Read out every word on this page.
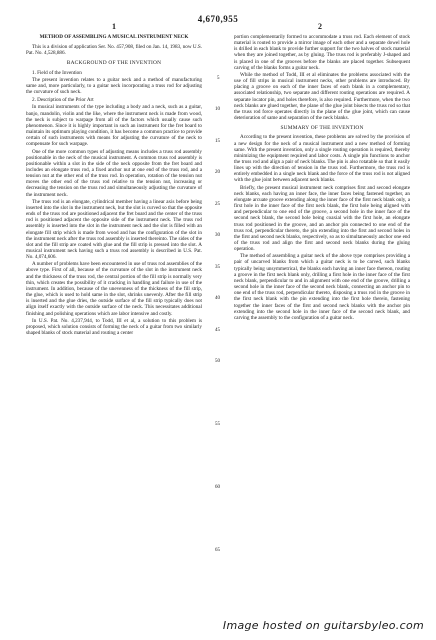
4,670,955
1	2
METHOD OF ASSEMBLING A MUSICAL INSTRUMENT NECK

This is a division of application Ser. No. 457,908, filed on Jan. 14, 1983, now U.S. Pat. No. 4,528,886.

BACKGROUND OF THE INVENTION

1. Field of the Invention

The present invention relates to a guitar neck and a method of manufacturing same and, more particularly, to a guitar neck incorporating a truss rod for adjusting the curvature of such neck.

2. Description of the Prior Art

In musical instruments of the type including a body and a neck, such as a guitar, banjo, mandolin, violin and the like, where the instrument neck is made from wood, the neck is subject to warpage from all of the factors which usually cause such phenomenon. Since it is highly important in such an instrument for the fret board to maintain its optimum playing condition, it has become a common practice to provide certain of such instruments with means for adjusting the curvature of the neck to compensate for such warpage.

One of the more common types of adjusting means includes a truss rod assembly positionable in the neck of the musical instrument. A common truss rod assembly is positionable within a slot in the side of the neck opposite from the fret board and includes an elongate truss rod, a fixed anchor nut at one end of the truss rod, and a tension nut at the other end of the truss rod. In operation, rotation of the tension nut moves the other end of the truss rod relative to the tension nut, increasing or decreasing the tension on the truss rod and simultaneously adjusting the curvature of the instrument neck.

The truss rod is an elongate, cylindrical member having a linear axis before being inserted into the slot in the instrument neck, but the slot is curved so that the opposite ends of the truss rod are positioned adjacent the fret board and the center of the truss rod is positioned adjacent the opposite side of the instrument neck. The truss rod assembly is inserted into the slot in the instrument neck and the slot is filled with an elongate fill strip which is made from wood and has the configuration of the slot in the instrument neck after the truss rod assembly is inserted thereinto. The sides of the slot and the fill strip are coated with glue and the fill strip is pressed into the slot. A musical instrument neck having such a truss rod assembly is described in U.S. Pat. No. 4,074,606.

A number of problems have been encountered in use of truss rod assemblies of the above type. First of all, because of the curvature of the slot in the instrument neck and the thickness of the truss rod, the central portion of the fill strip is normally very thin, which creates the possibility of it cracking in handling and failure in use of the instrument. In addition, because of the unevenness of the thickness of the fill strip, the glue, which is used to hold same in the slot, shrinks unevenly. After the fill strip is inserted and the glue dries, the outside surface of the fill strip typically does not align itself exactly with the outside surface of the neck. This necessitates additional finishing and polishing operations which are labor intensive and costly.

In U.S. Pat. No. 4,237,944, to Todd, III et al, a solution to this problem is proposed, which solution consists of forming the neck of a guitar from two similarly shaped blanks of stock material and routing a center

portion complementarily formed to accommodate a truss rod. Each element of stock material is routed to provide a mirror image of each other and a separate dowel hole is drilled in each blank to provide further support for the two halves of stock material when they are joined together, as by gluing. The truss rod is preferably J-shaped and is placed in one of the grooves before the blanks are placed together. Subsequent carving of the blanks forms a guitar neck.

While the method of Todd, III et al eliminates the problems associated with the use of fill strips in musical instrument necks, other problems are introduced. By placing a groove on each of the inner faces of each blank in a complementary, associated relationship, two separate and different routing operations are required. A separate locator pin, and holes therefore, is also required. Furthermore, when the two neck blanks are glued together, the plane of the glue joint bisects the truss rod so that the truss rod force operates directly in the plane of the glue joint, which can cause deterioration of same and separation of the neck blanks.

SUMMARY OF THE INVENTION

According to the present invention, these problems are solved by the provision of a new design for the neck of a musical instrument and a new method of forming same. With the present invention, only a single routing operation is required, thereby minimizing the equipment required and labor costs. A single pin functions to anchor the truss rod and align a pair of neck blanks. The pin is also rotatable so that it easily lines up with the direction of tension in the truss rod. Furthermore, the truss rod is entirely embedded in a single neck blank and the force of the truss rod is not aligned with the glue joint between adjacent neck blanks.

Briefly, the present musical instrument neck comprises first and second elongate neck blanks, each having an inner face, the inner faces being fastened together, an elongate arcuate groove extending along the inner face of the first neck blank only, a first hole in the inner face of the first neck blank, the first hole being aligned with and perpendicular to one end of the groove, a second hole in the inner face of the second neck blank, the second hole being coaxial with the first hole, an elongate truss rod positioned in the groove, and an anchor pin connected to one end of the truss rod, perpendicular thereto, the pin extending into the first and second holes in the first and second neck blanks, respectively, so as to simultaneously anchor one end of the truss rod and align the first and second neck blanks during the gluing operation.

The method of assembling a guitar neck of the above type comprises providing a pair of uncarved blanks from which a guitar neck is to be carved, such blanks typically being unsymmetrical, the blanks each having an inner face thereon, routing a groove in the first neck blank only, drilling a first hole in the inner face of the first neck blank, perpendicular to and in alignment with one end of the groove, drilling a second hole in the inner face of the second neck blank, connecting an anchor pin to one end of the truss rod, perpendicular thereto, disposing a truss rod in the groove in the first neck blank with the pin extending into the first hole therein, fastening together the inner faces of the first and second neck blanks with the anchor pin extending into the second hole in the inner face of the second neck blank, and carving the assembly to the configuration of a guitar neck.

5
10
15
20
25
30
35
40
45
50
55
60
65
Image hosted on guitarsbyleo.com
